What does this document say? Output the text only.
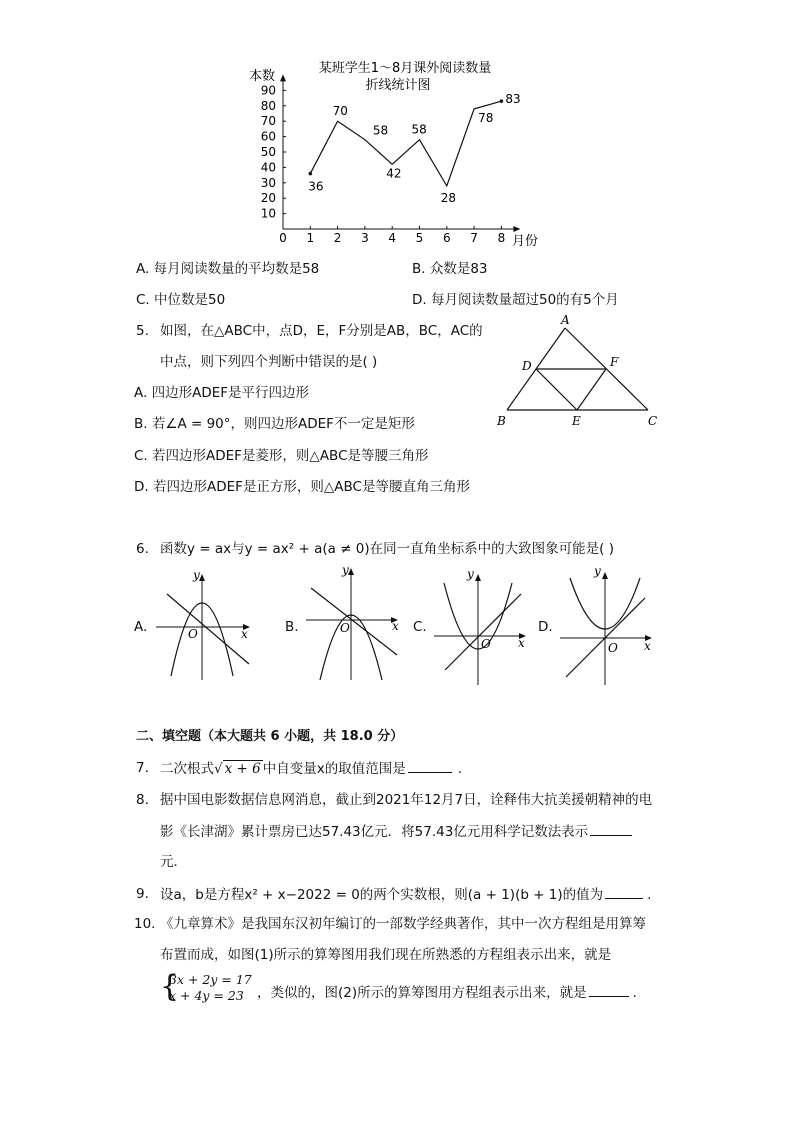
某班学生1～8月课外阅读数量
折线统计图
本数
月份
10
20
30
40
50
60
70
80
90
0 1 2 3 4 5 6 7 8
36
70
58
42
58
28
78
83
A. 每月阅读数量的平均数是58	B. 众数是83
C. 中位数是50	D. 每月阅读数量超过50的有5个月
5. 如图，在△ABC中，点D，E，F分别是AB，BC，AC的
中点，则下列四个判断中错误的是( )
A. 四边形ADEF是平行四边形
B. 若∠A = 90°，则四边形ADEF不一定是矩形
C. 若四边形ADEF是菱形，则△ABC是等腰三角形
D. 若四边形ADEF是正方形，则△ABC是等腰直角三角形
A
B	C
D
E
F
6. 函数y = ax与y = ax² + a(a ≠ 0)在同一直角坐标系中的大致图象可能是( )
A.
y
x
O	B.
y
x
O	C.
y
x
O
D.
y
x
O
二、填空题（本大题共 6 小题，共 18.0 分）
7. 二次根式√ x + 6 中自变量x的取值范围是	.
8. 据中国电影数据信息网消息，截止到2021年12月7日，诠释伟大抗美援朝精神的电
影《长津湖》累计票房已达57.43亿元．将57.43亿元用科学记数法表示
元．
9. 设a，b是方程x² + x−2022 = 0的两个实数根，则(a + 1)(b + 1)的值为	.
10. 《九章算术》是我国东汉初年编订的一部数学经典著作，其中一次方程组是用算筹
布置而成，如图(1)所示的算筹图用我们现在所熟悉的方程组表示出来，就是
{
3x + 2y = 17
x + 4y = 23 ，类似的，图(2)所示的算筹图用方程组表示出来，就是	.
